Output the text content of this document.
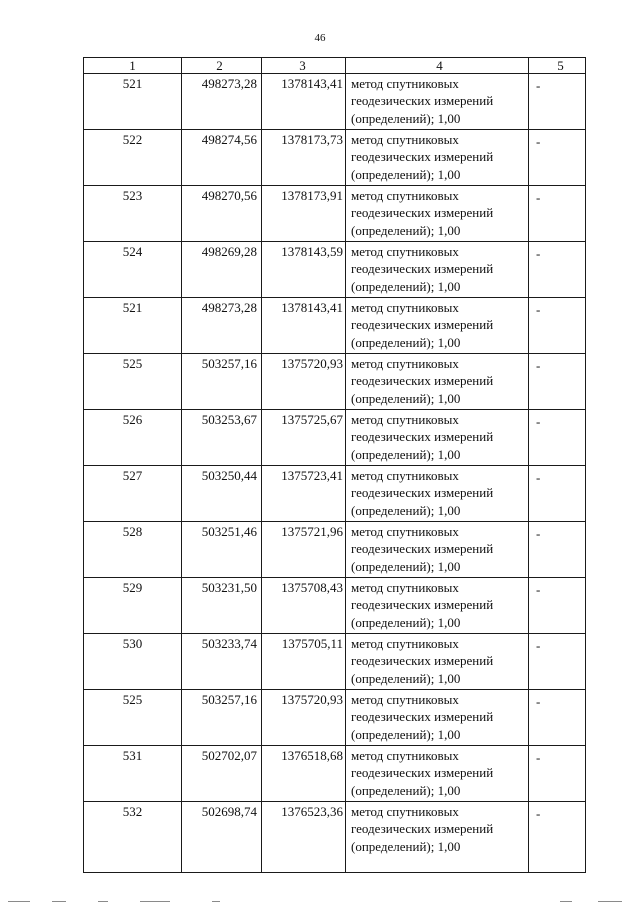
46
1	2	3	4	5
521	498273,28	1378143,41	метод спутниковых геодезических измерений (определений); 1,00	-
522	498274,56	1378173,73	метод спутниковых геодезических измерений (определений); 1,00	-
523	498270,56	1378173,91	метод спутниковых геодезических измерений (определений); 1,00	-
524	498269,28	1378143,59	метод спутниковых геодезических измерений (определений); 1,00	-
521	498273,28	1378143,41	метод спутниковых геодезических измерений (определений); 1,00	-
525	503257,16	1375720,93	метод спутниковых геодезических измерений (определений); 1,00	-
526	503253,67	1375725,67	метод спутниковых геодезических измерений (определений); 1,00	-
527	503250,44	1375723,41	метод спутниковых геодезических измерений (определений); 1,00	-
528	503251,46	1375721,96	метод спутниковых геодезических измерений (определений); 1,00	-
529	503231,50	1375708,43	метод спутниковых геодезических измерений (определений); 1,00	-
530	503233,74	1375705,11	метод спутниковых геодезических измерений (определений); 1,00	-
525	503257,16	1375720,93	метод спутниковых геодезических измерений (определений); 1,00	-
531	502702,07	1376518,68	метод спутниковых геодезических измерений (определений); 1,00	-
532	502698,74	1376523,36	метод спутниковых геодезических измерений (определений); 1,00	-
